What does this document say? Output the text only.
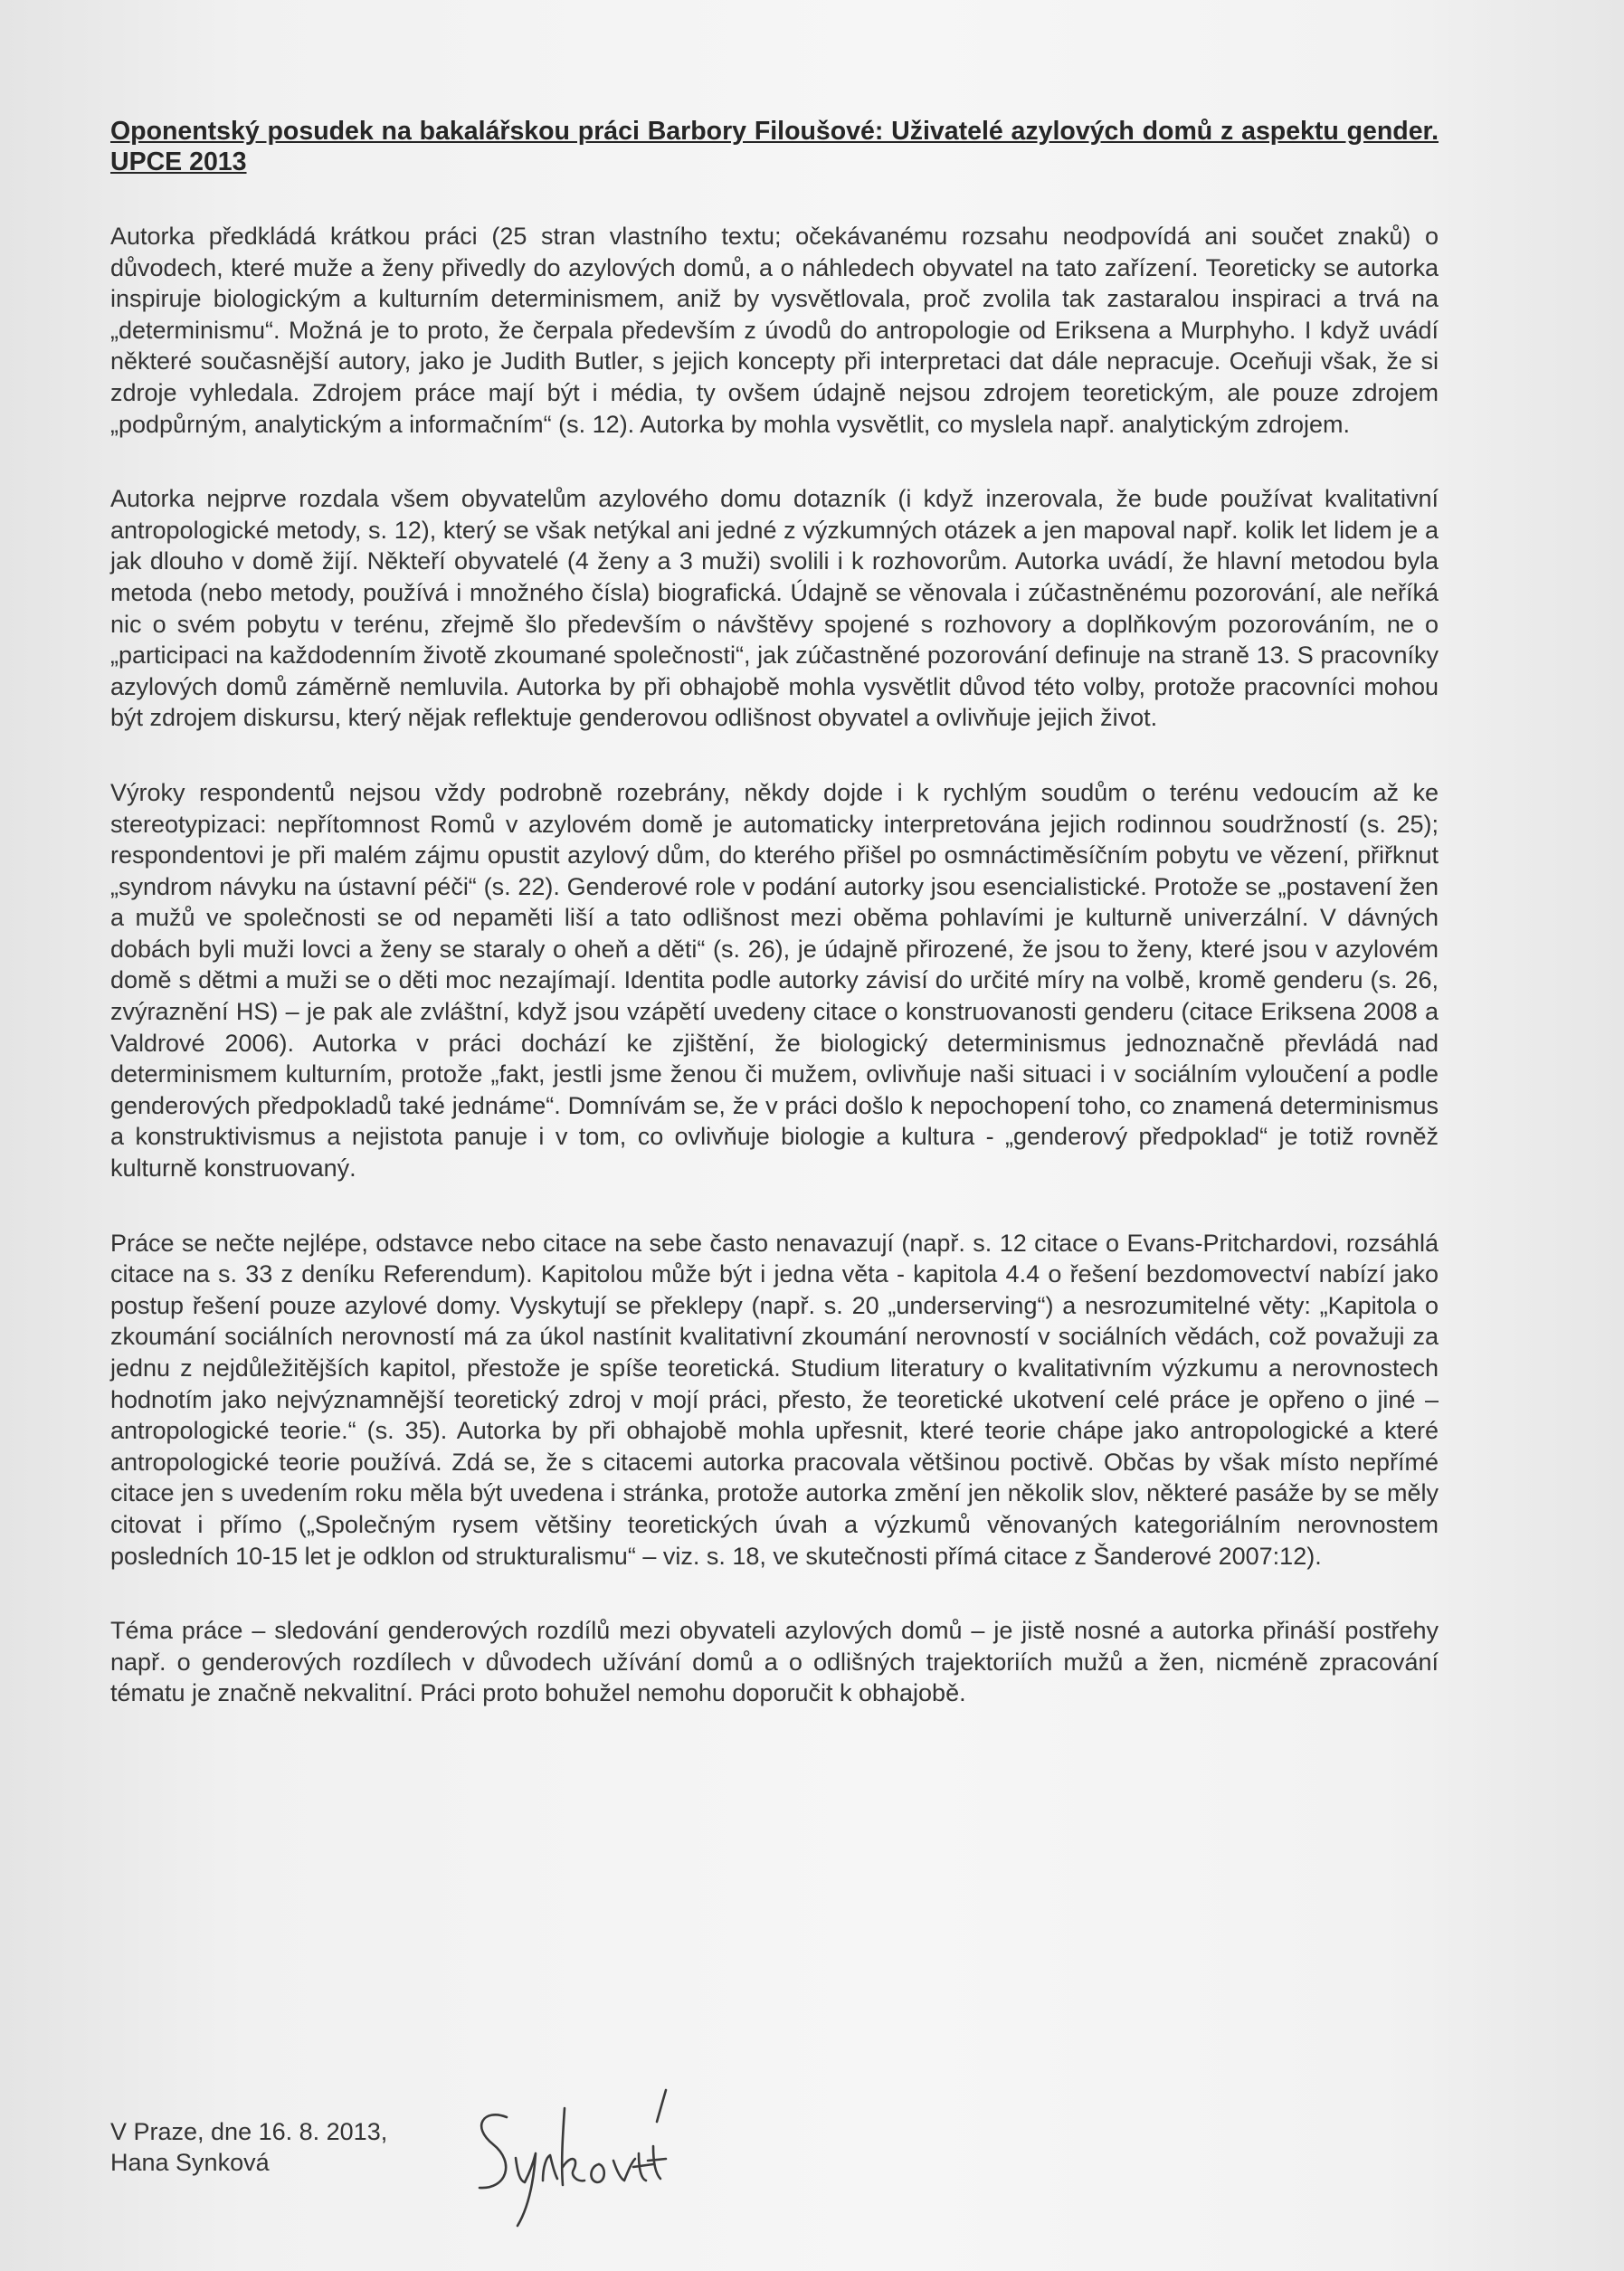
Oponentský posudek na bakalářskou práci Barbory Filoušové: Uživatelé azylových domů z aspektu gender. UPCE 2013

Autorka předkládá krátkou práci (25 stran vlastního textu; očekávanému rozsahu neodpovídá ani součet znaků) o důvodech, které muže a ženy přivedly do azylových domů, a o náhledech obyvatel na tato zařízení. Teoreticky se autorka inspiruje biologickým a kulturním determinismem, aniž by vysvětlovala, proč zvolila tak zastaralou inspiraci a trvá na „determinismu“. Možná je to proto, že čerpala především z úvodů do antropologie od Eriksena a Murphyho. I když uvádí některé současnější autory, jako je Judith Butler, s jejich koncepty při interpretaci dat dále nepracuje. Oceňuji však, že si zdroje vyhledala. Zdrojem práce mají být i média, ty ovšem údajně nejsou zdrojem teoretickým, ale pouze zdrojem „podpůrným, analytickým a informačním“ (s. 12). Autorka by mohla vysvětlit, co myslela např. analytickým zdrojem.

Autorka nejprve rozdala všem obyvatelům azylového domu dotazník (i když inzerovala, že bude používat kvalitativní antropologické metody, s. 12), který se však netýkal ani jedné z výzkumných otázek a jen mapoval např. kolik let lidem je a jak dlouho v domě žijí. Někteří obyvatelé (4 ženy a 3 muži) svolili i k rozhovorům. Autorka uvádí, že hlavní metodou byla metoda (nebo metody, používá i množného čísla) biografická. Údajně se věnovala i zúčastněnému pozorování, ale neříká nic o svém pobytu v terénu, zřejmě šlo především o návštěvy spojené s rozhovory a doplňkovým pozorováním, ne o „participaci na každodenním životě zkoumané společnosti“, jak zúčastněné pozorování definuje na straně 13. S pracovníky azylových domů záměrně nemluvila. Autorka by při obhajobě mohla vysvětlit důvod této volby, protože pracovníci mohou být zdrojem diskursu, který nějak reflektuje genderovou odlišnost obyvatel a ovlivňuje jejich život.

Výroky respondentů nejsou vždy podrobně rozebrány, někdy dojde i k rychlým soudům o terénu vedoucím až ke stereotypizaci: nepřítomnost Romů v azylovém domě je automaticky interpretována jejich rodinnou soudržností (s. 25); respondentovi je při malém zájmu opustit azylový dům, do kterého přišel po osmnáctiměsíčním pobytu ve vězení, přiřknut „syndrom návyku na ústavní péči“ (s. 22). Genderové role v podání autorky jsou esencialistické. Protože se „postavení žen a mužů ve společnosti se od nepaměti liší a tato odlišnost mezi oběma pohlavími je kulturně univerzální. V dávných dobách byli muži lovci a ženy se staraly o oheň a děti“ (s. 26), je údajně přirozené, že jsou to ženy, které jsou v azylovém domě s dětmi a muži se o děti moc nezajímají. Identita podle autorky závisí do určité míry na volbě, kromě genderu (s. 26, zvýraznění HS) – je pak ale zvláštní, když jsou vzápětí uvedeny citace o konstruovanosti genderu (citace Eriksena 2008 a Valdrové 2006). Autorka v práci dochází ke zjištění, že biologický determinismus jednoznačně převládá nad determinismem kulturním, protože „fakt, jestli jsme ženou či mužem, ovlivňuje naši situaci i v sociálním vyloučení a podle genderových předpokladů také jednáme“. Domnívám se, že v práci došlo k nepochopení toho, co znamená determinismus a konstruktivismus a nejistota panuje i v tom, co ovlivňuje biologie a kultura - „genderový předpoklad“ je totiž rovněž kulturně konstruovaný.

Práce se nečte nejlépe, odstavce nebo citace na sebe často nenavazují (např. s. 12 citace o Evans-Pritchardovi, rozsáhlá citace na s. 33 z deníku Referendum). Kapitolou může být i jedna věta - kapitola 4.4 o řešení bezdomovectví nabízí jako postup řešení pouze azylové domy. Vyskytují se překlepy (např. s. 20 „underserving“) a nesrozumitelné věty: „Kapitola o zkoumání sociálních nerovností má za úkol nastínit kvalitativní zkoumání nerovností v sociálních vědách, což považuji za jednu z nejdůležitějších kapitol, přestože je spíše teoretická. Studium literatury o kvalitativním výzkumu a nerovnostech hodnotím jako nejvýznamnější teoretický zdroj v mojí práci, přesto, že teoretické ukotvení celé práce je opřeno o jiné – antropologické teorie.“ (s. 35). Autorka by při obhajobě mohla upřesnit, které teorie chápe jako antropologické a které antropologické teorie používá. Zdá se, že s citacemi autorka pracovala většinou poctivě. Občas by však místo nepřímé citace jen s uvedením roku měla být uvedena i stránka, protože autorka změní jen několik slov, některé pasáže by se měly citovat i přímo („Společným rysem většiny teoretických úvah a výzkumů věnovaných kategoriálním nerovnostem posledních 10-15 let je odklon od strukturalismu“ – viz. s. 18, ve skutečnosti přímá citace z Šanderové 2007:12).

Téma práce – sledování genderových rozdílů mezi obyvateli azylových domů – je jistě nosné a autorka přináší postřehy např. o genderových rozdílech v důvodech užívání domů a o odlišných trajektoriích mužů a žen, nicméně zpracování tématu je značně nekvalitní. Práci proto bohužel nemohu doporučit k obhajobě.

V Praze, dne 16. 8. 2013,
Hana Synková
